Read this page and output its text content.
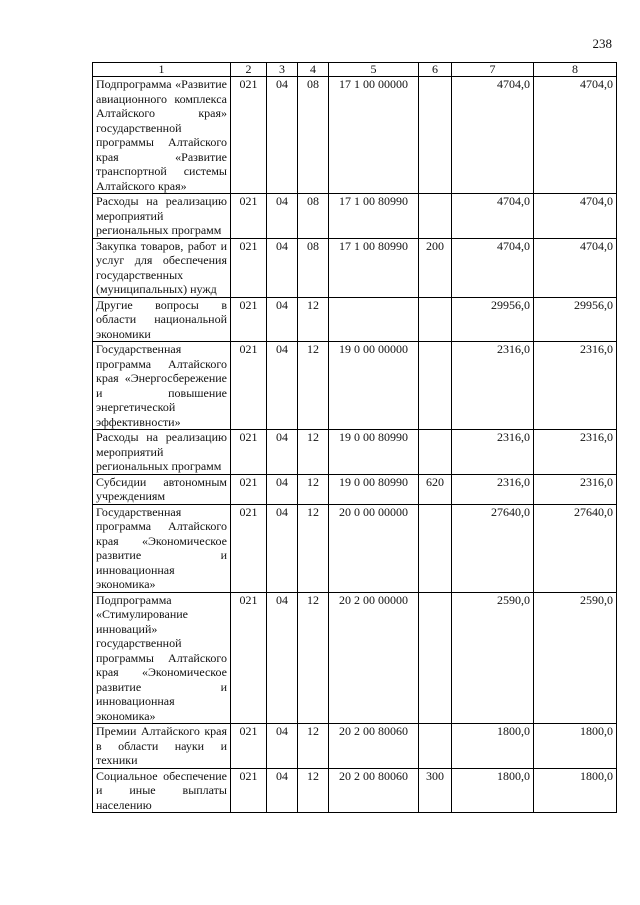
238
1	2	3	4	5	6	7	8
Подпрограмма «Развитие авиационного комплекса Алтайского края» государственной программы Алтайского края «Развитие транспортной системы Алтайского края»	021	04	08	17 1 00 00000		4704,0	4704,0
Расходы на реализацию мероприятий региональных программ	021	04	08	17 1 00 80990		4704,0	4704,0
Закупка товаров, работ и услуг для обеспечения государственных (муниципальных) нужд	021	04	08	17 1 00 80990	200	4704,0	4704,0
Другие вопросы в области национальной экономики	021	04	12			29956,0	29956,0
Государственная программа Алтайского края «Энергосбережение и повышение энергетической эффективности»	021	04	12	19 0 00 00000		2316,0	2316,0
Расходы на реализацию мероприятий региональных программ	021	04	12	19 0 00 80990		2316,0	2316,0
Субсидии автономным учреждениям	021	04	12	19 0 00 80990	620	2316,0	2316,0
Государственная программа Алтайского края «Экономическое развитие и инновационная экономика»	021	04	12	20 0 00 00000		27640,0	27640,0
Подпрограмма «Стимулирование инноваций» государственной программы Алтайского края «Экономическое развитие и инновационная экономика»	021	04	12	20 2 00 00000		2590,0	2590,0
Премии Алтайского края в области науки и техники	021	04	12	20 2 00 80060		1800,0	1800,0
Социальное обеспечение и иные выплаты населению	021	04	12	20 2 00 80060	300	1800,0	1800,0
